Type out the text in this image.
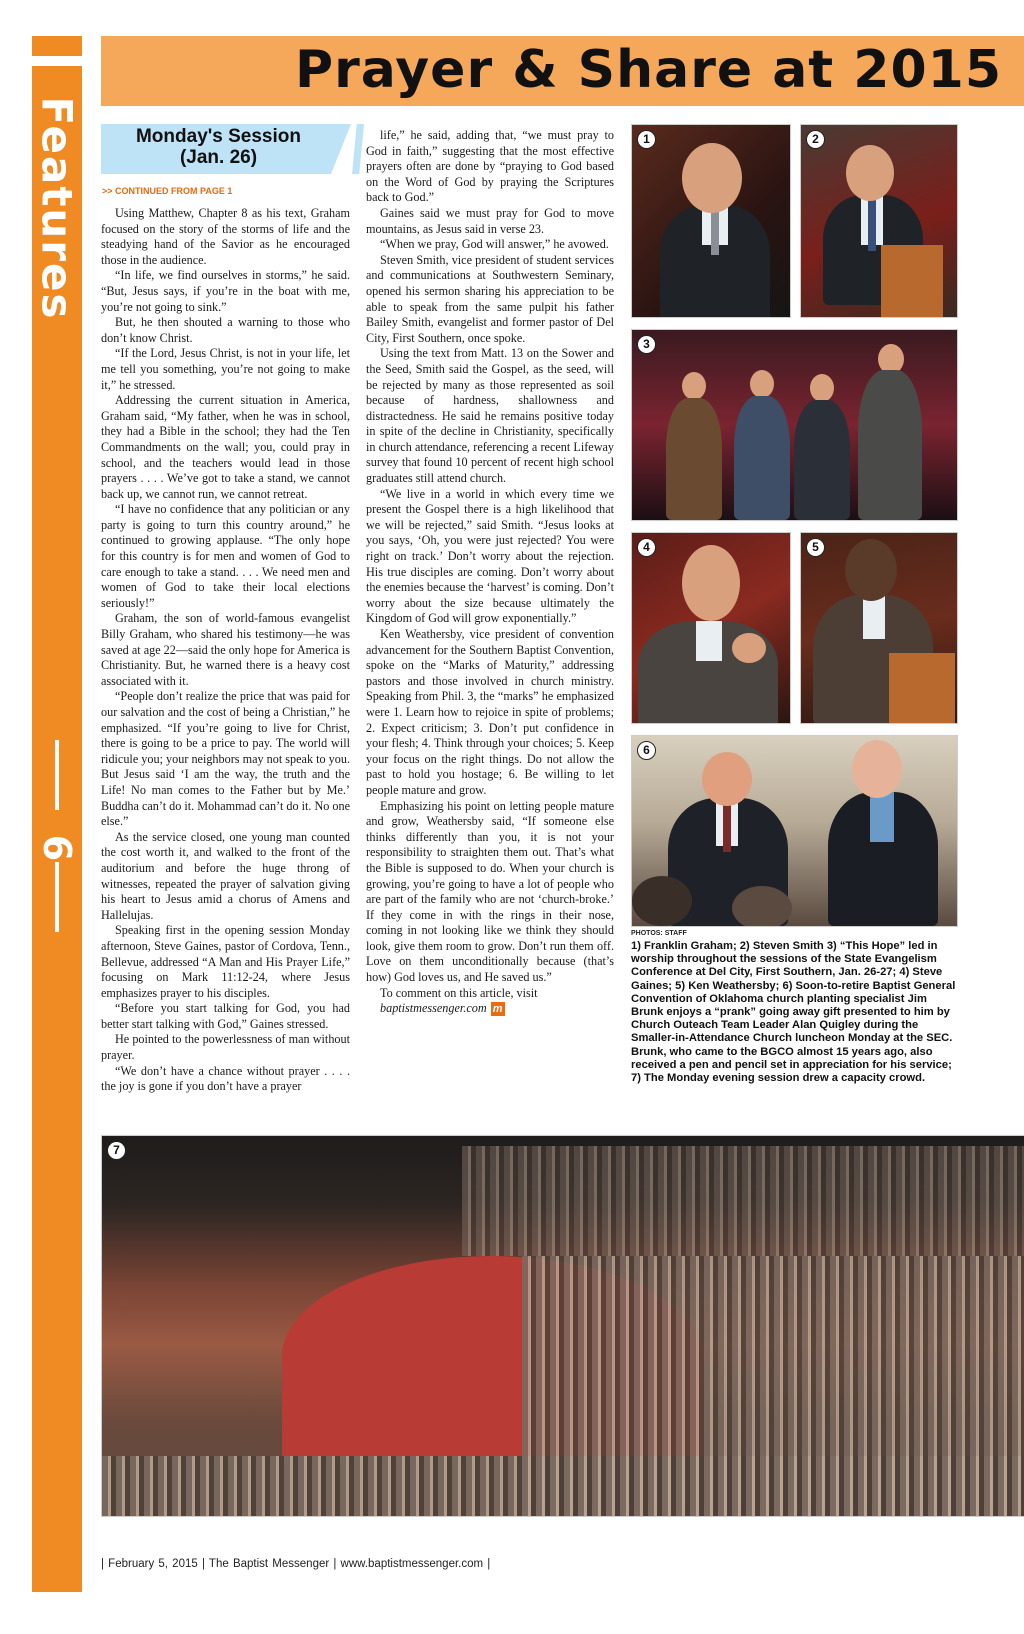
Features
6
Prayer & Share at 2015
Monday's Session
(Jan. 26)
>> CONTINUED FROM PAGE 1

Using Matthew, Chapter 8 as his text, Graham focused on the story of the storms of life and the steadying hand of the Savior as he encouraged those in the audience.

“In life, we find ourselves in storms,” he said. “But, Jesus says, if you’re in the boat with me, you’re not going to sink.”

But, he then shouted a warning to those who don’t know Christ.

“If the Lord, Jesus Christ, is not in your life, let me tell you something, you’re not going to make it,” he stressed.

Addressing the current situation in America, Graham said, “My father, when he was in school, they had a Bible in the school; they had the Ten Commandments on the wall; you, could pray in school, and the teachers would lead in those prayers . . . . We’ve got to take a stand, we cannot back up, we cannot run, we cannot retreat.

“I have no confidence that any politician or any party is going to turn this country around,” he continued to growing applause. “The only hope for this country is for men and women of God to care enough to take a stand. . . . We need men and women of God to take their local elections seriously!”

Graham, the son of world-famous evangelist Billy Graham, who shared his testimony—he was saved at age 22—said the only hope for America is Christianity. But, he warned there is a heavy cost associated with it.

“People don’t realize the price that was paid for our salvation and the cost of being a Christian,” he emphasized. “If you’re going to live for Christ, there is going to be a price to pay. The world will ridicule you; your neighbors may not speak to you. But Jesus said ‘I am the way, the truth and the Life! No man comes to the Father but by Me.’ Buddha can’t do it. Mohammad can’t do it. No one else.”

As the service closed, one young man counted the cost worth it, and walked to the front of the auditorium and before the huge throng of witnesses, repeated the prayer of salvation giving his heart to Jesus amid a chorus of Amens and Hallelujas.

Speaking first in the opening session Monday afternoon, Steve Gaines, pastor of Cordova, Tenn., Bellevue, addressed “A Man and His Prayer Life,” focusing on Mark 11:12-24, where Jesus emphasizes prayer to his disciples.

“Before you start talking for God, you had better start talking with God,” Gaines stressed.

He pointed to the powerlessness of man without prayer.

“We don’t have a chance without prayer . . . . the joy is gone if you don’t have a prayer

life,” he said, adding that, “we must pray to God in faith,” suggesting that the most effective prayers often are done by “praying to God based on the Word of God by praying the Scriptures back to God.”

Gaines said we must pray for God to move mountains, as Jesus said in verse 23.

“When we pray, God will answer,” he avowed.

Steven Smith, vice president of student services and communications at Southwestern Seminary, opened his sermon sharing his appreciation to be able to speak from the same pulpit his father Bailey Smith, evangelist and former pastor of Del City, First Southern, once spoke.

Using the text from Matt. 13 on the Sower and the Seed, Smith said the Gospel, as the seed, will be rejected by many as those represented as soil because of hardness, shallowness and distractedness. He said he remains positive today in spite of the decline in Christianity, specifically in church attendance, referencing a recent Lifeway survey that found 10 percent of recent high school graduates still attend church.

“We live in a world in which every time we present the Gospel there is a high likelihood that we will be rejected,” said Smith. “Jesus looks at you says, ‘Oh, you were just rejected? You were right on track.’ Don’t worry about the rejection. His true disciples are coming. Don’t worry about the enemies because the ‘harvest’ is coming. Don’t worry about the size because ultimately the Kingdom of God will grow exponentially.”

Ken Weathersby, vice president of convention advancement for the Southern Baptist Convention, spoke on the “Marks of Maturity,” addressing pastors and those involved in church ministry. Speaking from Phil. 3, the “marks” he emphasized were 1. Learn how to rejoice in spite of problems; 2. Expect criticism; 3. Don’t put confidence in your flesh; 4. Think through your choices; 5. Keep your focus on the right things. Do not allow the past to hold you hostage; 6. Be willing to let people mature and grow.

Emphasizing his point on letting people mature and grow, Weathersby said, “If someone else thinks differently than you, it is not your responsibility to straighten them out. That’s what the Bible is supposed to do. When your church is growing, you’re going to have a lot of people who are part of the family who are not ‘church-broke.’ If they come in with the rings in their nose, coming in not looking like we think they should look, give them room to grow. Don’t run them off. Love on them unconditionally because (that’s how) God loves us, and He saved us.”

To comment on this article, visit

baptistmessenger.com m
1	2
3
4	5
6
PHOTOS: STAFF
1) Franklin Graham; 2) Steven Smith 3) “This Hope” led in worship throughout the sessions of the State Evangelism Conference at Del City, First Southern, Jan. 26-27; 4) Steve Gaines; 5) Ken Weathersby; 6) Soon-to-retire Baptist General Convention of Oklahoma church planting specialist Jim Brunk enjoys a “prank” going away gift presented to him by Church Outeach Team Leader Alan Quigley during the Smaller-in-Attendance Church luncheon Monday at the SEC. Brunk, who came to the BGCO almost 15 years ago, also received a pen and pencil set in appreciation for his service; 7) The Monday evening session drew a capacity crowd.
7
| February 5, 2015 | The Baptist Messenger | www.baptistmessenger.com |
